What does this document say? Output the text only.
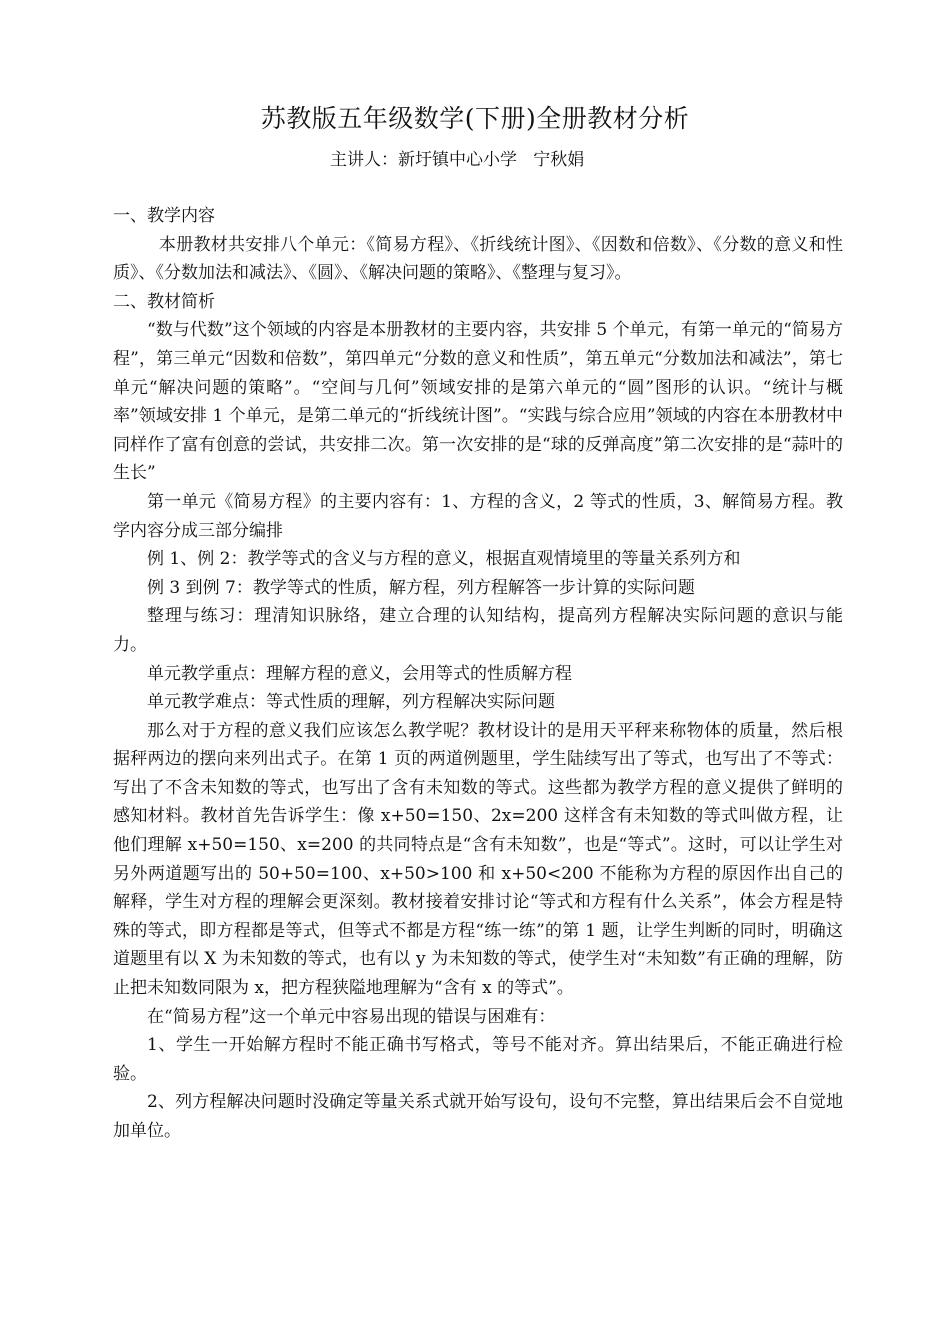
苏教版五年级数学(下册)全册教材分析
主讲人：新圩镇中心小学   宁秋娟

一、教学内容

本册教材共安排八个单元：《简易方程》、《折线统计图》、《因数和倍数》、《分数的意义和性质》、《分数加法和减法》、《圆》、《解决问题的策略》、《整理与复习》。

二、教材简析

“数与代数”这个领域的内容是本册教材的主要内容，共安排 5 个单元，有第一单元的“简易方程”，第三单元“因数和倍数”，第四单元“分数的意义和性质”，第五单元“分数加法和减法”，第七单元“解决问题的策略”。“空间与几何”领域安排的是第六单元的“圆”图形的认识。“统计与概率”领域安排 1 个单元，是第二单元的“折线统计图”。“实践与综合应用”领域的内容在本册教材中同样作了富有创意的尝试，共安排二次。第一次安排的是“球的反弹高度”第二次安排的是“蒜叶的生长”

第一单元《简易方程》的主要内容有：1、方程的含义，2 等式的性质，3、解简易方程。教学内容分成三部分编排

例 1、例 2：教学等式的含义与方程的意义，根据直观情境里的等量关系列方和

例 3 到例 7：教学等式的性质，解方程，列方程解答一步计算的实际问题

整理与练习：理清知识脉络，建立合理的认知结构，提高列方程解决实际问题的意识与能力。

单元教学重点：理解方程的意义，会用等式的性质解方程

单元教学难点：等式性质的理解，列方程解决实际问题

那么对于方程的意义我们应该怎么教学呢？教材设计的是用天平秤来称物体的质量，然后根据秤两边的摆向来列出式子。在第 1 页的两道例题里，学生陆续写出了等式，也写出了不等式：写出了不含未知数的等式，也写出了含有未知数的等式。这些都为教学方程的意义提供了鲜明的感知材料。教材首先告诉学生：像 x+50=150、2x=200 这样含有未知数的等式叫做方程，让他们理解 x+50=150、x=200 的共同特点是“含有未知数”，也是“等式”。这时，可以让学生对另外两道题写出的 50+50=100、x+50>100 和 x+50<200 不能称为方程的原因作出自己的解释，学生对方程的理解会更深刻。教材接着安排讨论“等式和方程有什么关系”，体会方程是特殊的等式，即方程都是等式，但等式不都是方程“练一练”的第 1 题，让学生判断的同时，明确这道题里有以 X 为未知数的等式，也有以 y 为未知数的等式，使学生对“未知数”有正确的理解，防止把未知数同限为 x，把方程狭隘地理解为“含有 x 的等式”。

在“简易方程”这一个单元中容易出现的错误与困难有：

1、学生一开始解方程时不能正确书写格式，等号不能对齐。算出结果后，不能正确进行检验。

2、列方程解决问题时没确定等量关系式就开始写设句，设句不完整，算出结果后会不自觉地加单位。
